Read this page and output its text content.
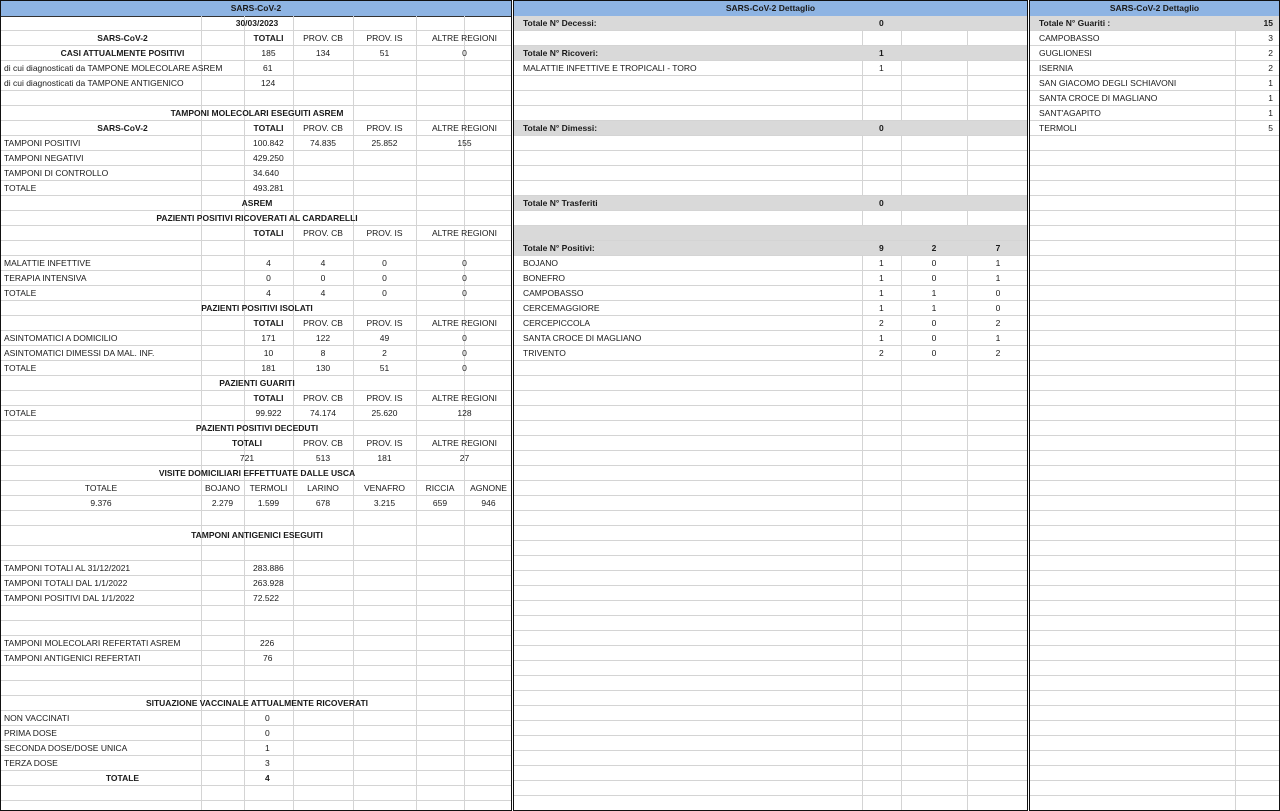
SARS-CoV-2
30/03/2023
SARS-CoV-2	TOTALI	PROV. CB	PROV. IS	ALTRE REGIONI
CASI ATTUALMENTE POSITIVI	185	134	51	0
di cui diagnosticati da TAMPONE MOLECOLARE ASREM	61
di cui diagnosticati da TAMPONE ANTIGENICO	124
TAMPONI MOLECOLARI ESEGUITI ASREM
SARS-CoV-2	TOTALI	PROV. CB	PROV. IS	ALTRE REGIONI
TAMPONI POSITIVI	100.842	74.835	25.852	155
TAMPONI NEGATIVI	429.250
TAMPONI DI CONTROLLO	34.640
TOTALE	493.281
ASREM
PAZIENTI POSITIVI RICOVERATI AL CARDARELLI
TOTALI	PROV. CB	PROV. IS	ALTRE REGIONI
MALATTIE INFETTIVE	4	4	0	0
TERAPIA INTENSIVA	0	0	0	0
TOTALE	4	4	0	0
PAZIENTI POSITIVI ISOLATI
TOTALI	PROV. CB	PROV. IS	ALTRE REGIONI
ASINTOMATICI A DOMICILIO	171	122	49	0
ASINTOMATICI DIMESSI DA MAL. INF.	10	8	2	0
TOTALE	181	130	51	0
PAZIENTI GUARITI
TOTALI	PROV. CB	PROV. IS	ALTRE REGIONI
TOTALE	99.922	74.174	25.620	128
PAZIENTI POSITIVI DECEDUTI
TOTALI	PROV. CB	PROV. IS	ALTRE REGIONI
721	513	181	27
VISITE DOMICILIARI EFFETTUATE DALLE USCA
TOTALE	BOJANO	TERMOLI	LARINO	VENAFRO	RICCIA	AGNONE
9.376	2.279	1.599	678	3.215	659	946
TAMPONI ANTIGENICI ESEGUITI
TAMPONI TOTALI AL 31/12/2021	283.886
TAMPONI TOTALI DAL 1/1/2022	263.928
TAMPONI POSITIVI DAL 1/1/2022	72.522
TAMPONI MOLECOLARI REFERTATI ASREM	226
TAMPONI ANTIGENICI REFERTATI	76
SITUAZIONE VACCINALE ATTUALMENTE RICOVERATI
NON VACCINATI	0
PRIMA DOSE	0
SECONDA DOSE/DOSE UNICA	1
TERZA DOSE	3
TOTALE	4
SARS-CoV-2 Dettaglio
Totale N° Decessi:	0
Totale N° Ricoveri:	1
MALATTIE INFETTIVE E TROPICALI - TORO	1
Totale N° Dimessi:	0
Totale N° Trasferiti	0
Totale N° Positivi:	9	2	7
BOJANO	1	0	1
BONEFRO	1	0	1
CAMPOBASSO	1	1	0
CERCEMAGGIORE	1	1	0
CERCEPICCOLA	2	0	2
SANTA CROCE DI MAGLIANO	1	0	1
TRIVENTO	2	0	2
SARS-CoV-2 Dettaglio
Totale N° Guariti :	15
CAMPOBASSO	3
GUGLIONESI	2
ISERNIA	2
SAN GIACOMO DEGLI SCHIAVONI	1
SANTA CROCE DI MAGLIANO	1
SANT'AGAPITO	1
TERMOLI	5
